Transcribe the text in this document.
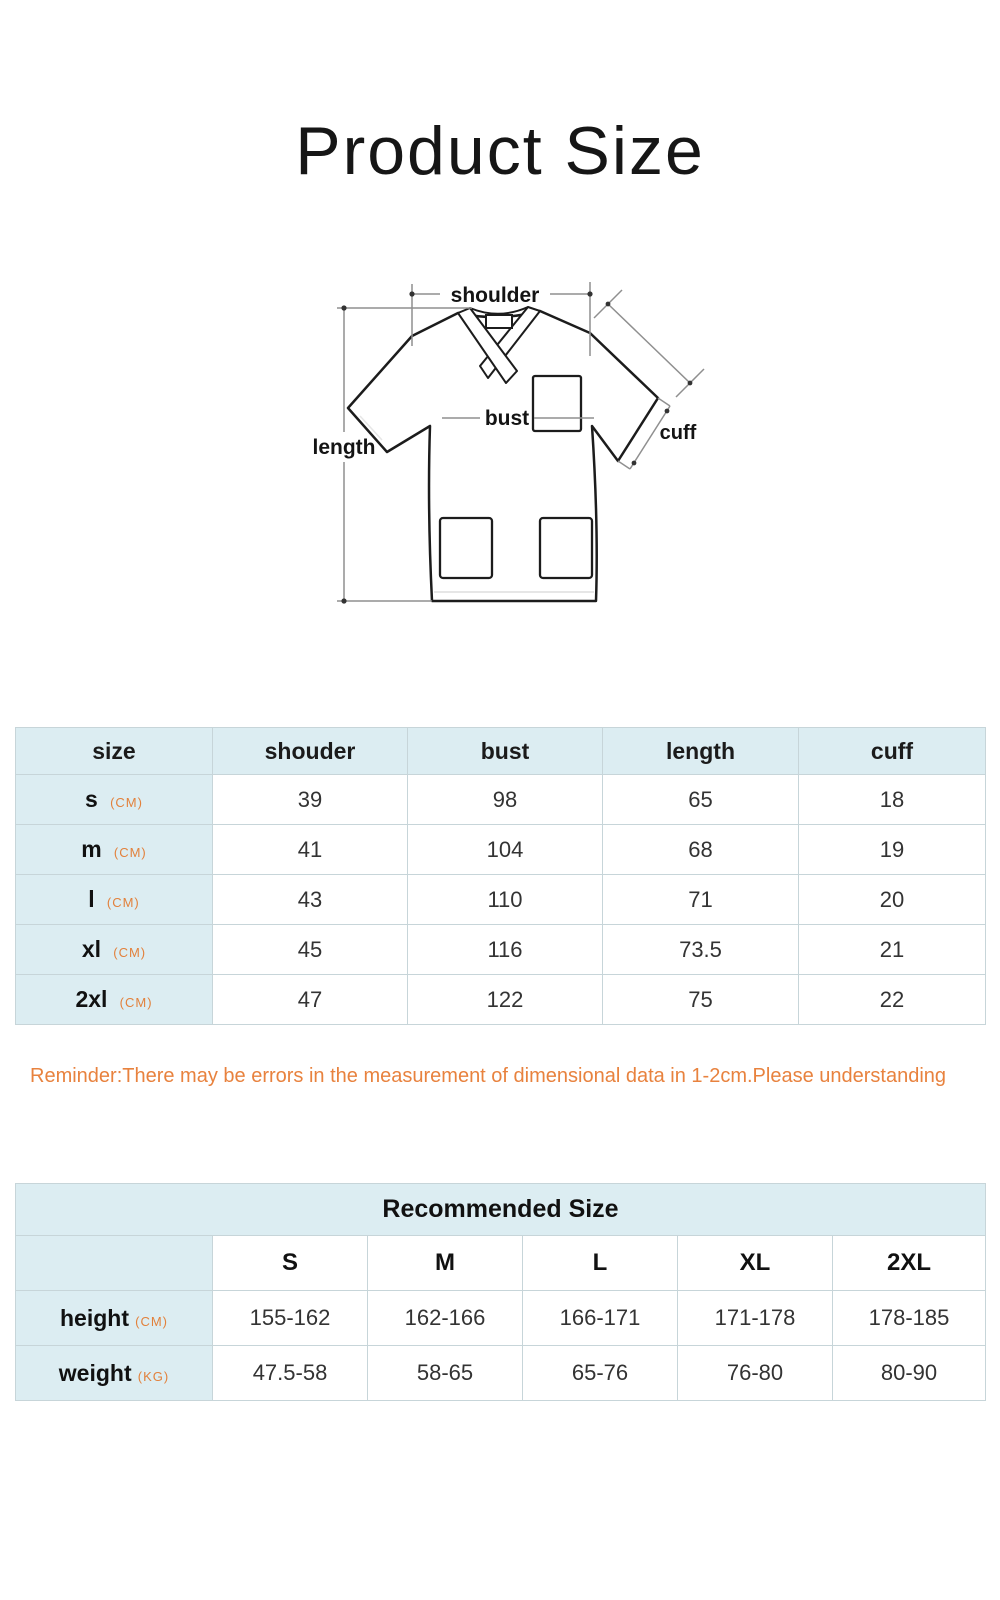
Product Size
shoulder
length
bust
cuff
size	shouder	bust	length	cuff
s (CM)	39	98	65	18
m (CM)	41	104	68	19
l (CM)	43	110	71	20
xl (CM)	45	116	73.5	21
2xl (CM)	47	122	75	22
Reminder:There may be errors in the measurement of dimensional data in 1-2cm.Please understanding
Recommended Size					
	S	M	L	XL	2XL
height (CM)	155-162	162-166	166-171	171-178	178-185
weight (KG)	47.5-58	58-65	65-76	76-80	80-90
